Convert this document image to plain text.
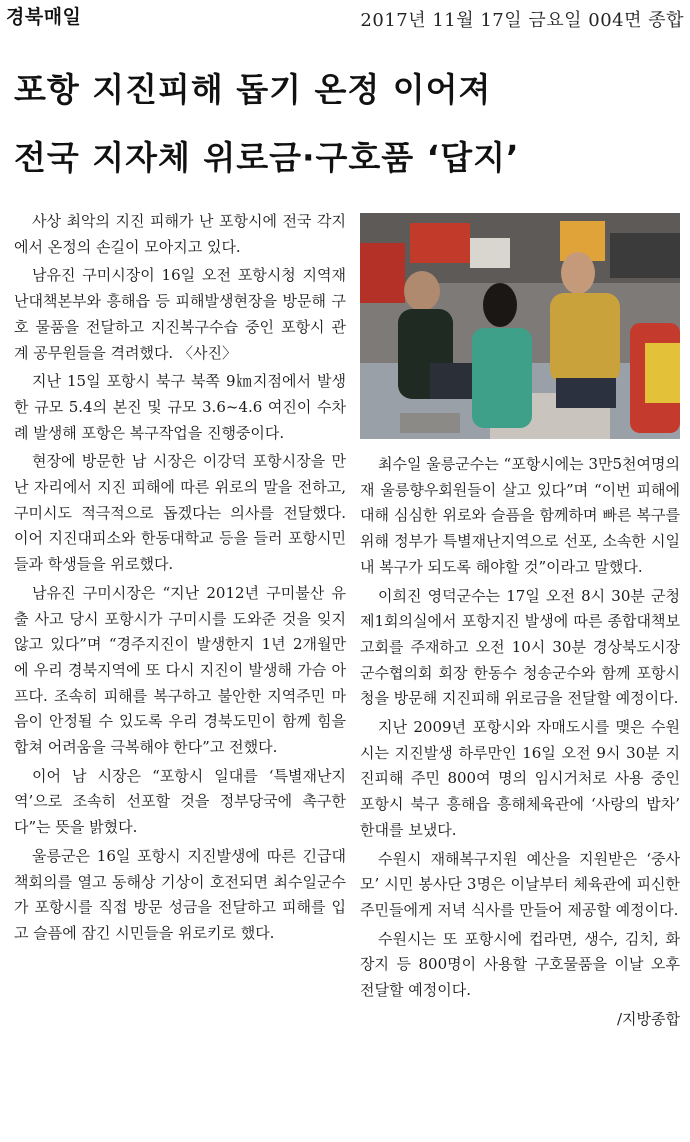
경북매일	2017년 11월 17일 금요일 004면 종합
포항 지진피해 돕기 온정 이어져
전국 지자체 위로금·구호품 ‘답지’

사상 최악의 지진 피해가 난 포항시에 전국 각지에서 온정의 손길이 모아지고 있다.

남유진 구미시장이 16일 오전 포항시청 지역재난대책본부와 흥해읍 등 피해발생현장을 방문해 구호 물품을 전달하고 지진복구수습 중인 포항시 관계 공무원들을 격려했다. 〈사진〉

지난 15일 포항시 북구 북쪽 9㎞지점에서 발생한 규모 5.4의 본진 및 규모 3.6~4.6 여진이 수차례 발생해 포항은 복구작업을 진행중이다.

현장에 방문한 남 시장은 이강덕 포항시장을 만난 자리에서 지진 피해에 따른 위로의 말을 전하고, 구미시도 적극적으로 돕겠다는 의사를 전달했다. 이어 지진대피소와 한동대학교 등을 들러 포항시민들과 학생들을 위로했다.

남유진 구미시장은 “지난 2012년 구미불산 유출 사고 당시 포항시가 구미시를 도와준 것을 잊지 않고 있다”며 “경주지진이 발생한지 1년 2개월만에 우리 경북지역에 또 다시 지진이 발생해 가슴 아프다. 조속히 피해를 복구하고 불안한 지역주민 마음이 안정될 수 있도록 우리 경북도민이 함께 힘을 합쳐 어려움을 극복해야 한다”고 전했다.

이어 남 시장은 “포항시 일대를 ‘특별재난지역’으로 조속히 선포할 것을 정부당국에 촉구한다”는 뜻을 밝혔다.

울릉군은 16일 포항시 지진발생에 따른 긴급대책회의를 열고 동해상 기상이 호전되면 최수일군수가 포항시를 직접 방문 성금을 전달하고 피해를 입고 슬픔에 잠긴 시민들을 위로키로 했다.

최수일 울릉군수는 “포항시에는 3만5천여명의 재 울릉향우회원들이 살고 있다”며 “이번 피해에 대해 심심한 위로와 슬픔을 함께하며 빠른 복구를 위해 정부가 특별재난지역으로 선포, 소속한 시일내 복구가 되도록 해야할 것”이라고 말했다.

이희진 영덕군수는 17일 오전 8시 30분 군청 제1회의실에서 포항지진 발생에 따른 종합대책보고회를 주재하고 오전 10시 30분 경상북도시장군수협의회 회장 한동수 청송군수와 함께 포항시청을 방문해 지진피해 위로금을 전달할 예정이다.

지난 2009년 포항시와 자매도시를 맺은 수원시는 지진발생 하루만인 16일 오전 9시 30분 지진피해 주민 800여 명의 임시거처로 사용 중인 포항시 북구 흥해읍 흥해체육관에 ‘사랑의 밥차’ 한대를 보냈다.

수원시 재해복구지원 예산을 지원받은 ‘중사모’ 시민 봉사단 3명은 이날부터 체육관에 피신한 주민들에게 저녁 식사를 만들어 제공할 예정이다.

수원시는 또 포항시에 컵라면, 생수, 김치, 화장지 등 800명이 사용할 구호물품을 이날 오후 전달할 예정이다.

/지방종합
